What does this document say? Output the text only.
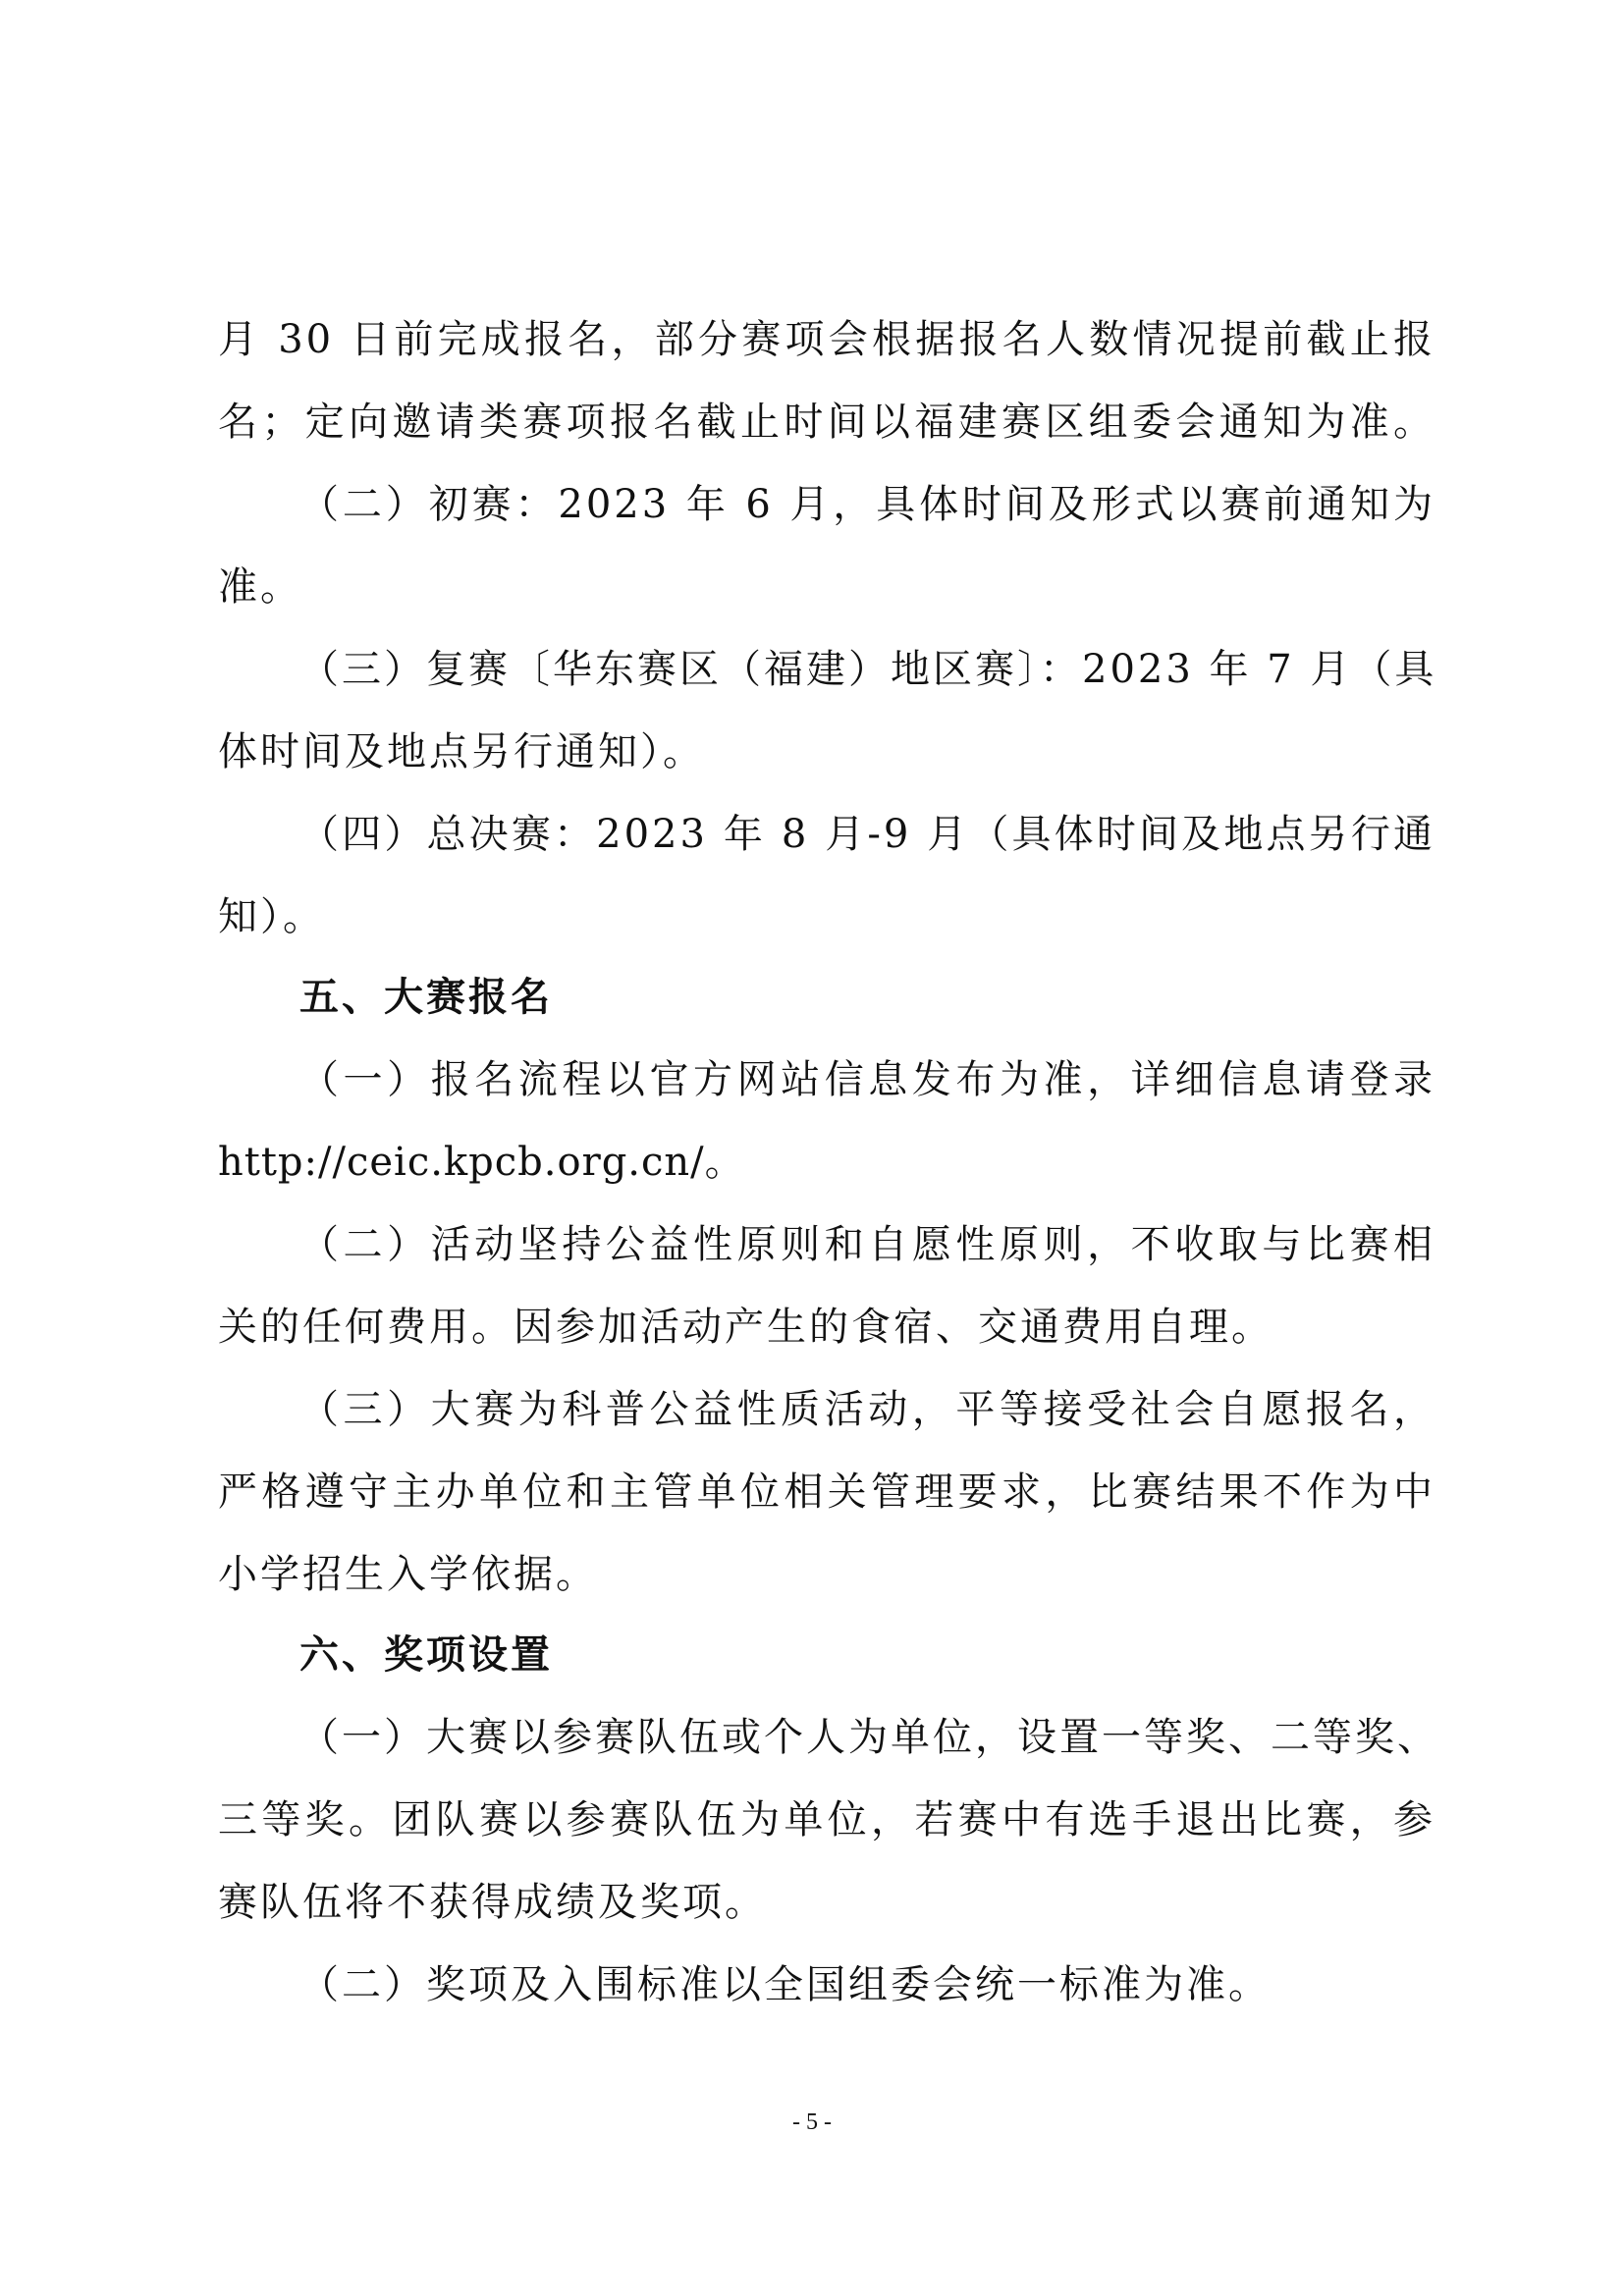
月 30 日前完成报名，部分赛项会根据报名人数情况提前截止报
名；定向邀请类赛项报名截止时间以福建赛区组委会通知为准。
（二）初赛：2023 年 6 月，具体时间及形式以赛前通知为
准。
（三）复赛〔华东赛区（福建）地区赛〕：2023 年 7 月（具
体时间及地点另行通知）。
（四）总决赛：2023 年 8 月-9 月（具体时间及地点另行通
知）。
五、大赛报名
（一）报名流程以官方网站信息发布为准，详细信息请登录
http://ceic.kpcb.org.cn/。
（二）活动坚持公益性原则和自愿性原则，不收取与比赛相
关的任何费用。因参加活动产生的食宿、交通费用自理。
（三）大赛为科普公益性质活动，平等接受社会自愿报名，
严格遵守主办单位和主管单位相关管理要求，比赛结果不作为中
小学招生入学依据。
六、奖项设置
（一）大赛以参赛队伍或个人为单位，设置一等奖、二等奖、
三等奖。团队赛以参赛队伍为单位，若赛中有选手退出比赛，参
赛队伍将不获得成绩及奖项。
（二）奖项及入围标准以全国组委会统一标准为准。
- 5 -
